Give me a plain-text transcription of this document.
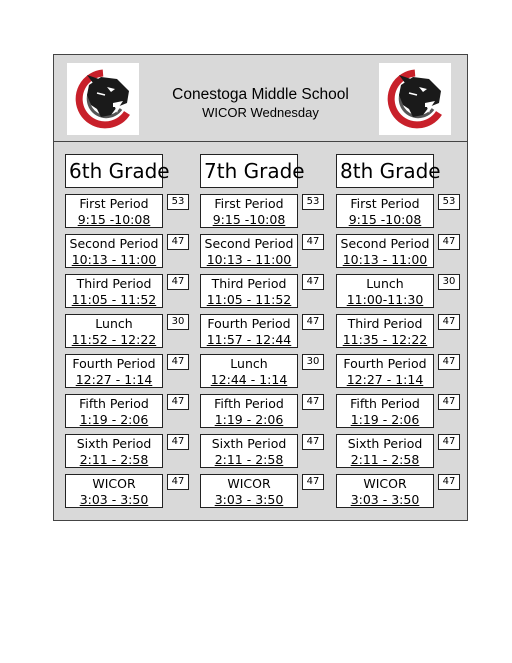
Conestoga Middle School
WICOR Wednesday
6th Grade
First Period
9:15 -10:08
53
Second Period
10:13 - 11:00
47
Third Period
11:05 - 11:52
47
Lunch
11:52 - 12:22
30
Fourth Period
12:27 - 1:14
47
Fifth Period
1:19 - 2:06
47
Sixth Period
2:11 - 2:58
47
WICOR
3:03 - 3:50
47
7th Grade
First Period
9:15 -10:08
53
Second Period
10:13 - 11:00
47
Third Period
11:05 - 11:52
47
Fourth Period
11:57 - 12:44
47
Lunch
12:44 - 1:14
30
Fifth Period
1:19 - 2:06
47
Sixth Period
2:11 - 2:58
47
WICOR
3:03 - 3:50
47
8th Grade
First Period
9:15 -10:08
53
Second Period
10:13 - 11:00
47
Lunch
11:00-11:30
30
Third Period
11:35 - 12:22
47
Fourth Period
12:27 - 1:14
47
Fifth Period
1:19 - 2:06
47
Sixth Period
2:11 - 2:58
47
WICOR
3:03 - 3:50
47
